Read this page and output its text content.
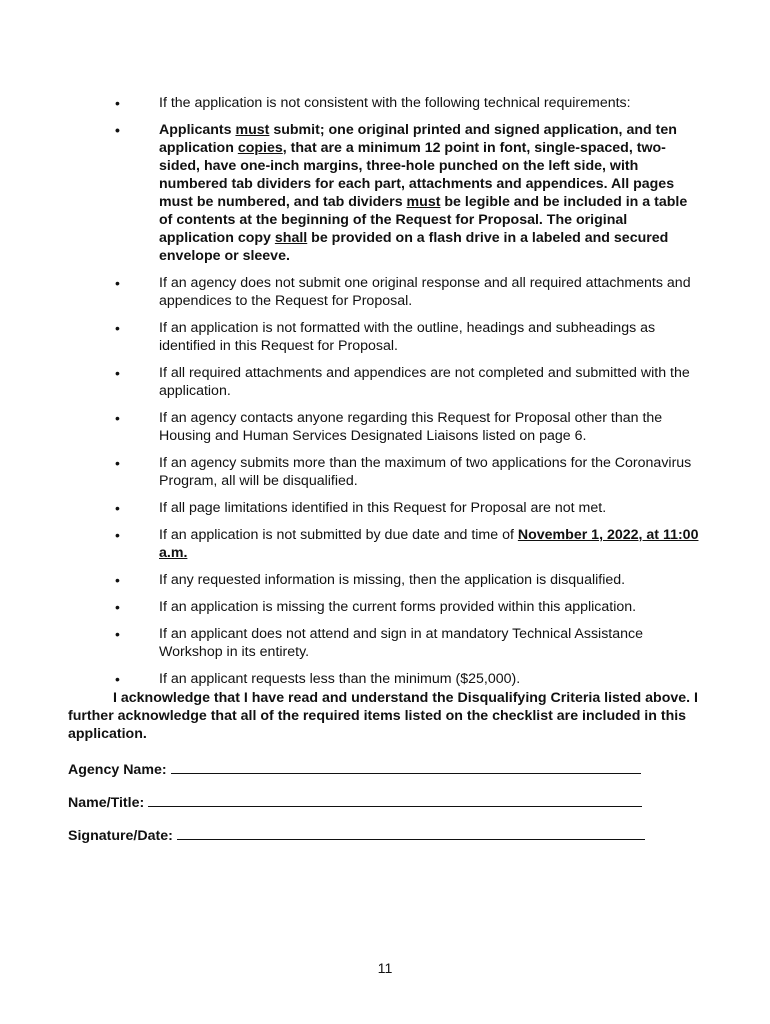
•	If the application is not consistent with the following technical requirements:
•	Applicants must submit; one original printed and signed application, and ten application copies, that are a minimum 12 point in font, single-spaced, two-sided, have one-inch margins, three-hole punched on the left side, with numbered tab dividers for each part, attachments and appendices. All pages must be numbered, and tab dividers must be legible and be included in a table of contents at the beginning of the Request for Proposal. The original application copy shall be provided on a flash drive in a labeled and secured envelope or sleeve.
•	If an agency does not submit one original response and all required attachments and appendices to the Request for Proposal.
•	If an application is not formatted with the outline, headings and subheadings as identified in this Request for Proposal.
•	If all required attachments and appendices are not completed and submitted with the application.
•	If an agency contacts anyone regarding this Request for Proposal other than the Housing and Human Services Designated Liaisons listed on page 6.
•	If an agency submits more than the maximum of two applications for the Coronavirus Program, all will be disqualified.
•	If all page limitations identified in this Request for Proposal are not met.
•	If an application is not submitted by due date and time of November 1, 2022, at 11:00 a.m.
•	If any requested information is missing, then the application is disqualified.
•	If an application is missing the current forms provided within this application.
•	If an applicant does not attend and sign in at mandatory Technical Assistance Workshop in its entirety.
•	If an applicant requests less than the minimum ($25,000).
I acknowledge that I have read and understand the Disqualifying Criteria listed above. I further acknowledge that all of the required items listed on the checklist are included in this application.
Agency Name:
Name/Title:
Signature/Date:
11
